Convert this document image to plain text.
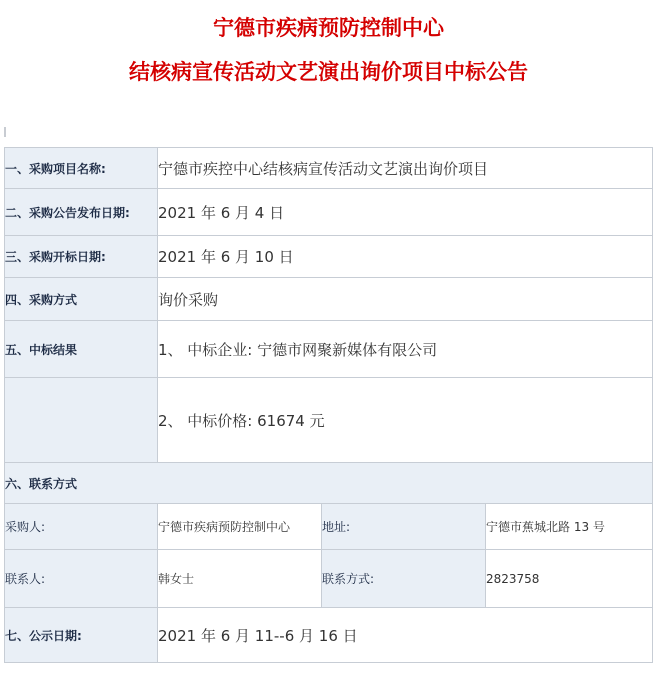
宁德市疾病预防控制中心
结核病宣传活动文艺演出询价项目中标公告
一、采购项目名称:	宁德市疾控中心结核病宣传活动文艺演出询价项目		
二、采购公告发布日期:	2021 年 6 月 4 日		
三、采购开标日期:	2021 年 6 月 10 日		
四、采购方式	询价采购		
五、中标结果	1、 中标企业: 宁德市网聚新媒体有限公司		
	2、 中标价格: 61674 元		
六、联系方式			
采购人:	宁德市疾病预防控制中心	地址:	宁德市蕉城北路 13 号
联系人:	韩女士	联系方式:	2823758
七、公示日期:	2021 年 6 月 11--6 月 16 日		
